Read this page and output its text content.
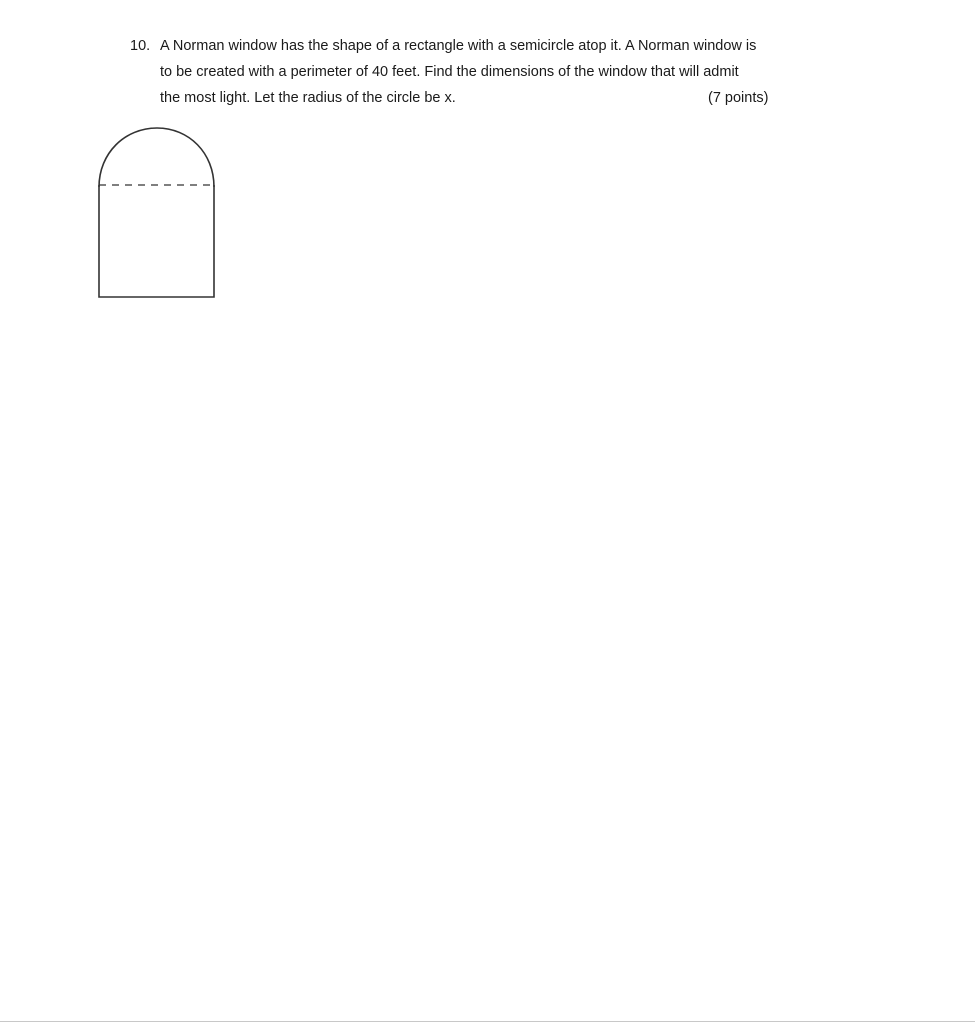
10. A Norman window has the shape of a rectangle with a semicircle atop it. A Norman window is
to be created with a perimeter of 40 feet. Find the dimensions of the window that will admit
the most light. Let the radius of the circle be x.	(7 points)
